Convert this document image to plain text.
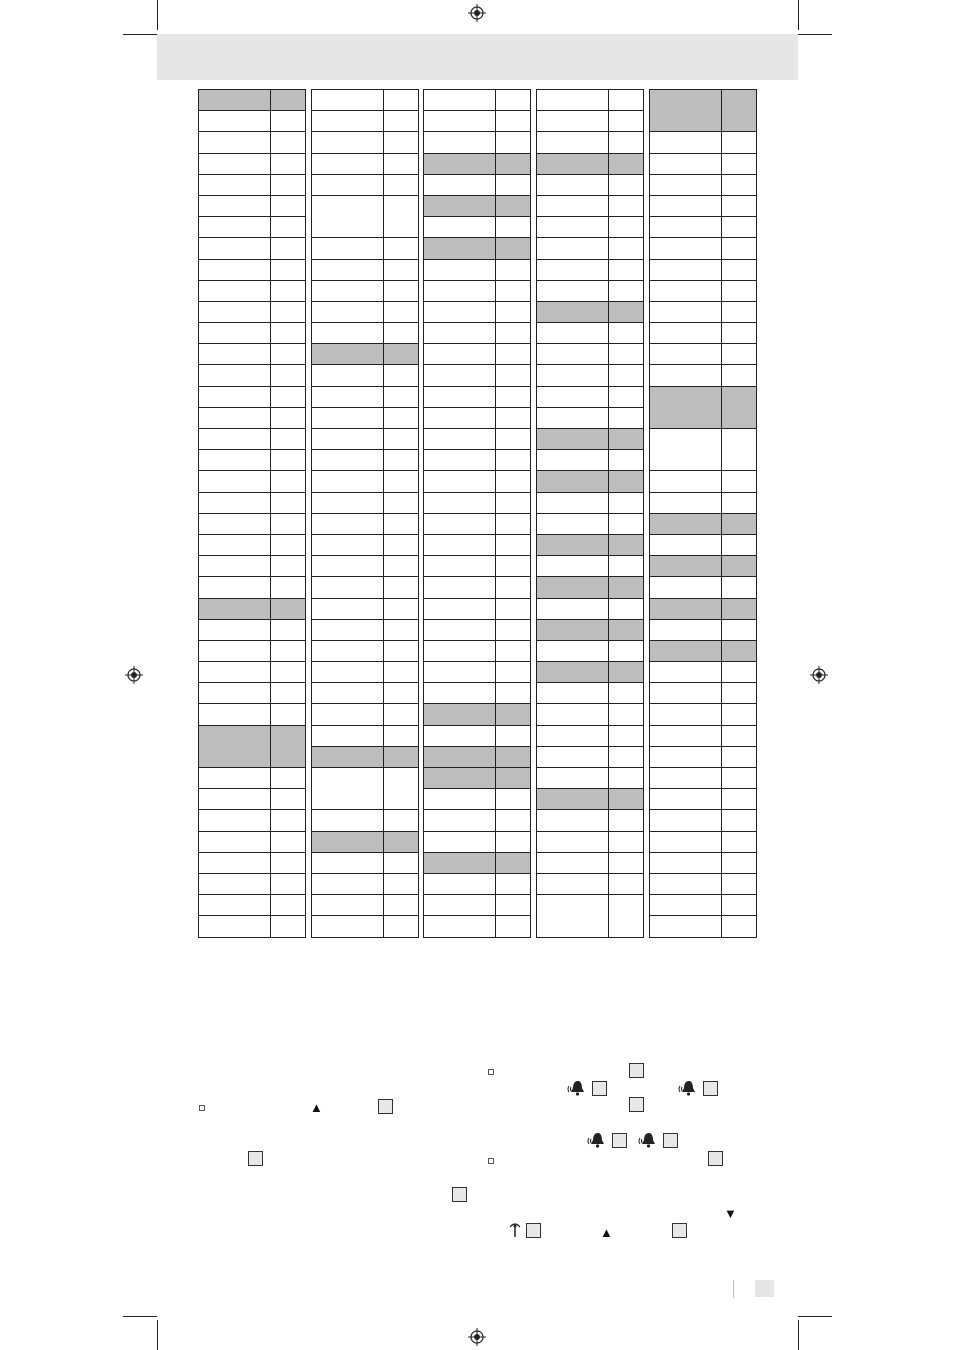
▲
▼
▲
